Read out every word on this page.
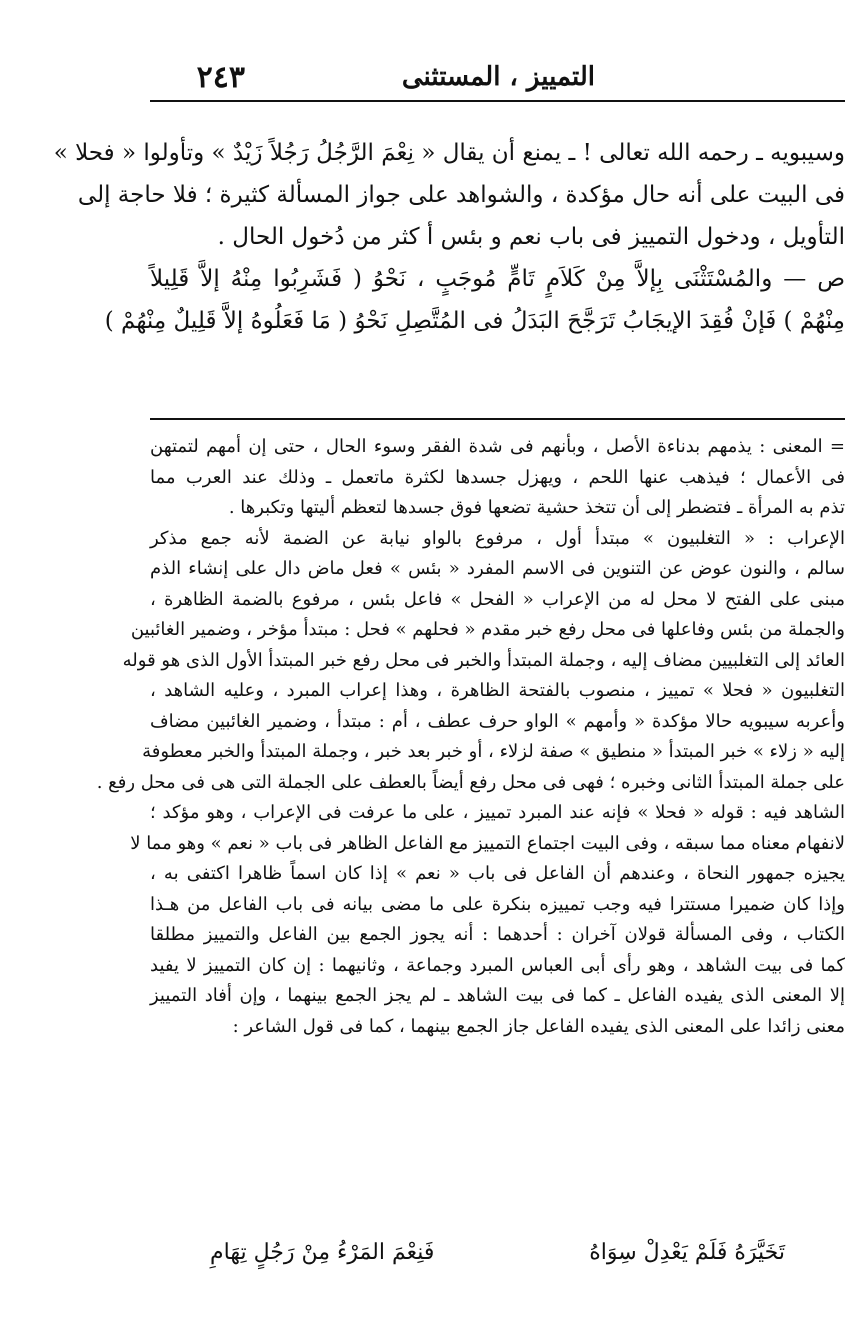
التمييز ، المستثنى
٢٤٣
وسيبويه ـ رحمه الله تعالى ! ـ يمنع أن يقال « نِعْمَ الرَّجُلُ رَجُلاً زَيْدٌ » وتأولوا « فحلا »
فى البيت على أنه حال مؤكدة ، والشواهد على جواز المسألة كثيرة ؛ فلا حاجة إلى
التأويل ، ودخول التمييز فى باب نعم و بئس أ كثر من دُخول الحال .
ص — والمُسْتَثْنَى بِإلاَّ مِنْ كَلاَمٍ تَامٍّ مُوجَبٍ ، نَحْوُ ( فَشَرِبُوا مِنْهُ إلاَّ قَلِيلاً
مِنْهُمْ ) فَإنْ فُقِدَ الإيجَابُ تَرَجَّحَ البَدَلُ فى المُتَّصِلِ نَحْوُ ( مَا فَعَلُوهُ إلاَّ قَلِيلٌ مِنْهُمْ )
= المعنى : يذمهم بدناءة الأصل ، وبأنهم فى شدة الفقر وسوء الحال ، حتى إن أمهم لتمتهن
فى الأعمال ؛ فيذهب عنها اللحم ، ويهزل جسدها لكثرة ماتعمل ـ وذلك عند العرب مما
تذم به المرأة ـ فتضطر إلى أن تتخذ حشية تضعها فوق جسدها لتعظم أليتها وتكبرها .
الإعراب : « التغلبيون » مبتدأ أول ، مرفوع بالواو نيابة عن الضمة لأنه جمع مذكر
سالم ، والنون عوض عن التنوين فى الاسم المفرد « بئس » فعل ماض دال على إنشاء الذم
مبنى على الفتح لا محل له من الإعراب « الفحل » فاعل بئس ، مرفوع بالضمة الظاهرة ،
والجملة من بئس وفاعلها فى محل رفع خبر مقدم « فحلهم » فحل : مبتدأ مؤخر ، وضمير الغائبين
العائد إلى التغلبيين مضاف إليه ، وجملة المبتدأ والخبر فى محل رفع خبر المبتدأ الأول الذى هو قوله
التغلبيون « فحلا » تمييز ، منصوب بالفتحة الظاهرة ، وهذا إعراب المبرد ، وعليه الشاهد ،
وأعربه سيبويه حالا مؤكدة « وأمهم » الواو حرف عطف ، أم : مبتدأ ، وضمير الغائبين مضاف
إليه « زلاء » خبر المبتدأ « منطيق » صفة لزلاء ، أو خبر بعد خبر ، وجملة المبتدأ والخبر معطوفة
على جملة المبتدأ الثانى وخبره ؛ فهى فى محل رفع أيضاً بالعطف على الجملة التى هى فى محل رفع .
الشاهد فيه : قوله « فحلا » فإنه عند المبرد تمييز ، على ما عرفت فى الإعراب ، وهو مؤكد ؛
لانفهام معناه مما سبقه ، وفى البيت اجتماع التمييز مع الفاعل الظاهر فى باب « نعم » وهو مما لا
يجيزه جمهور النحاة ، وعندهم أن الفاعل فى باب « نعم » إذا كان اسماً ظاهرا اكتفى به ،
وإذا كان ضميرا مستترا فيه وجب تمييزه بنكرة على ما مضى بيانه فى باب الفاعل من هـذا
الكتاب ، وفى المسألة قولان آخران : أحدهما : أنه يجوز الجمع بين الفاعل والتمييز مطلقا
كما فى بيت الشاهد ، وهو رأى أبى العباس المبرد وجماعة ، وثانيهما : إن كان التمييز لا يفيد
إلا المعنى الذى يفيده الفاعل ـ كما فى بيت الشاهد ـ لم يجز الجمع بينهما ، وإن أفاد التمييز
معنى زائدا على المعنى الذى يفيده الفاعل جاز الجمع بينهما ، كما فى قول الشاعر :
تَخَيَّرَهُ فَلَمْ يَعْدِلْ سِوَاهُ
فَنِعْمَ المَرْءُ مِنْ رَجُلٍ تِهَامِ
